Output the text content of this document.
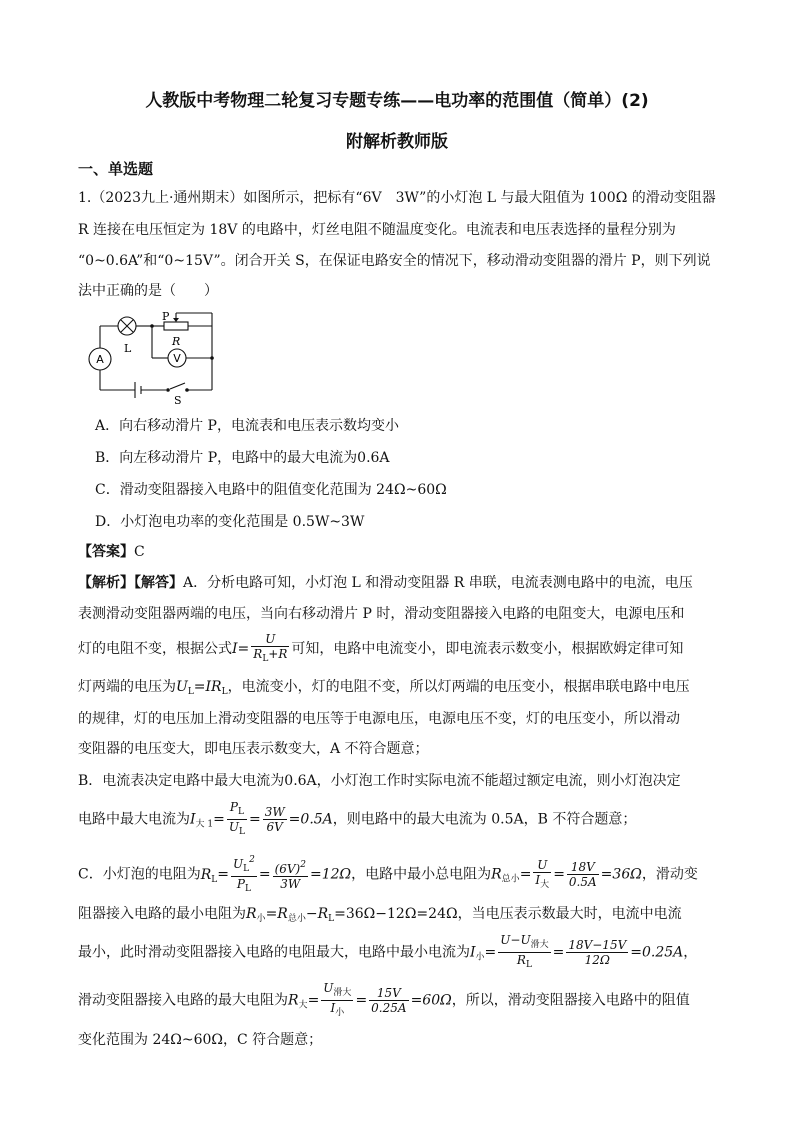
人教版中考物理二轮复习专题专练——电功率的范围值（简单）(2)
附解析教师版
一、单选题
1.（2023九上·通州期末）如图所示，把标有“6V　3W”的小灯泡 L 与最大阻值为 100Ω 的滑动变阻器
R 连接在电压恒定为 18V 的电路中，灯丝电阻不随温度变化。电流表和电压表选择的量程分别为
“0~0.6A”和“0~15V”。闭合开关 S，在保证电路安全的情况下，移动滑动变阻器的滑片 P，则下列说
法中正确的是（　　）
A	V
P
R
L
S
A．向右移动滑片 P，电流表和电压表示数均变小
B．向左移动滑片 P，电路中的最大电流为0.6A
C．滑动变阻器接入电路中的阻值变化范围为 24Ω~60Ω
D．小灯泡电功率的变化范围是 0.5W~3W
【答案】C
【解析】【解答】A．分析电路可知，小灯泡 L 和滑动变阻器 R 串联，电流表测电路中的电流，电压
表测滑动变阻器两端的电压，当向右移动滑片 P 时，滑动变阻器接入电路的电阻变大，电源电压和
灯的电阻不变，根据公式$I= \frac{U}{R_L+R}$ 可知，电路中电流变小，即电流表示数变小，根据欧姆定律可知
灯两端的电压为$U_L=IR_L$，电流变小，灯的电阻不变，所以灯两端的电压变小，根据串联电路中电压
的规律，灯的电压加上滑动变阻器的电压等于电源电压，电源电压不变，灯的电压变小，所以滑动
变阻器的电压变大，即电压表示数变大，A 不符合题意；
B．电流表决定电路中最大电流为0.6A，小灯泡工作时实际电流不能超过额定电流，则小灯泡决定
电路中最大电流为$I_{大 1}= \frac{P_L}{U_L} = \frac{3W}{6V} =0.5A$，则电路中的最大电流为 0.5A，B 不符合题意；
C．小灯泡的电阻为$R_L= \frac{U_L^2}{P_L} = \frac{(6V)^2}{3W} =12\Omega$，电路中最小总电阻为$R_{总小}= \frac{U}{I_大} = \frac{18V}{0.5A} =36\Omega$，滑动变
阻器接入电路的最小电阻为$R_小=R_{总小}-R_L=36\Omega-12\Omega=24\Omega$，当电压表示数最大时，电流中电流
最小，此时滑动变阻器接入电路的电阻最大，电路中最小电流为$I_小= \frac{U-U_{滑大}}{R_L} = \frac{18V-15V}{12\Omega} =0.25A$，
滑动变阻器接入电路的最大电阻为$R_大= \frac{U_{滑大}}{I_小} = \frac{15V}{0.25A} =60\Omega$，所以，滑动变阻器接入电路中的阻值
变化范围为 24Ω~60Ω，C 符合题意；
